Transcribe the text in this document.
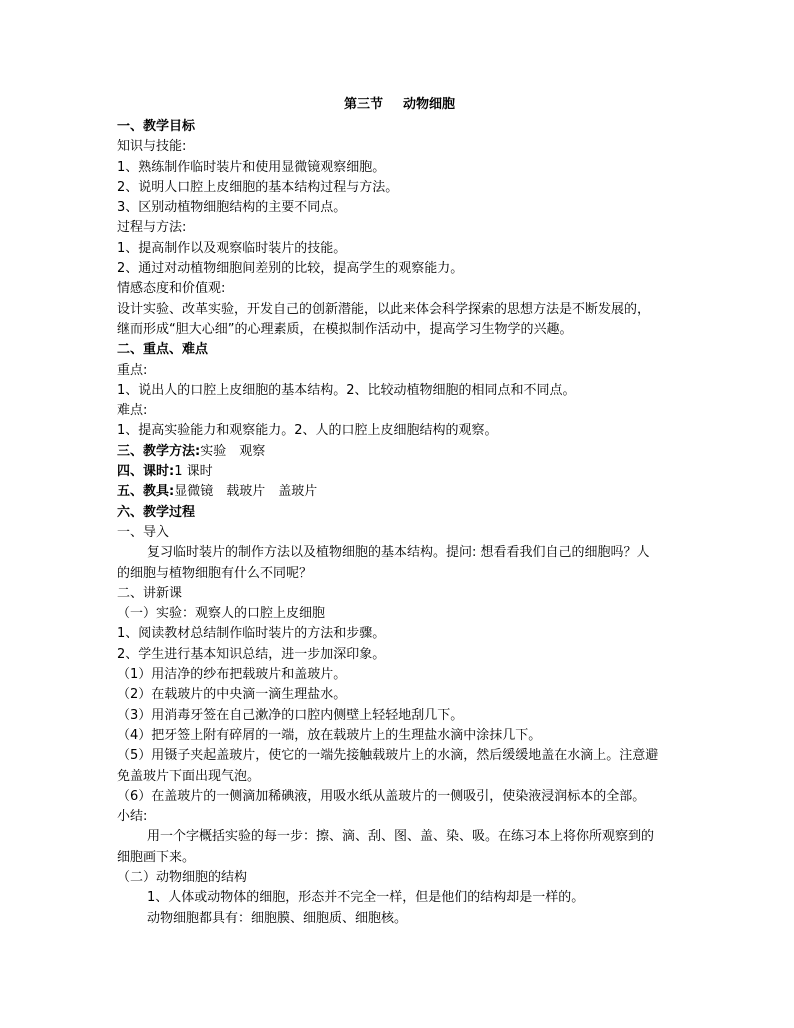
第三节 动物细胞
一、教学目标
知识与技能:
1、熟练制作临时装片和使用显微镜观察细胞。
2、说明人口腔上皮细胞的基本结构过程与方法。
3、区别动植物细胞结构的主要不同点。
过程与方法:
1、提高制作以及观察临时装片的技能。
2、通过对动植物细胞间差别的比较，提高学生的观察能力。
情感态度和价值观:
设计实验、改革实验，开发自己的创新潜能，以此来体会科学探索的思想方法是不断发展的，
继而形成“胆大心细”的心理素质，在模拟制作活动中，提高学习生物学的兴趣。
二、重点、难点
重点:
1、说出人的口腔上皮细胞的基本结构。2、比较动植物细胞的相同点和不同点。
难点:
1、提高实验能力和观察能力。2、人的口腔上皮细胞结构的观察。
三、教学方法:实验　观察
四、课时:1 课时
五、教具:显微镜　载玻片　盖玻片
六、教学过程
一、导入
复习临时装片的制作方法以及植物细胞的基本结构。提问: 想看看我们自己的细胞吗？人
的细胞与植物细胞有什么不同呢？
二、讲新课
（一）实验：观察人的口腔上皮细胞
1、阅读教材总结制作临时装片的方法和步骤。
2、学生进行基本知识总结，进一步加深印象。
（1）用洁净的纱布把载玻片和盖玻片。
（2）在载玻片的中央滴一滴生理盐水。
（3）用消毒牙签在自己漱净的口腔内侧壁上轻轻地刮几下。
（4）把牙签上附有碎屑的一端，放在载玻片上的生理盐水滴中涂抹几下。
（5）用镊子夹起盖玻片，使它的一端先接触载玻片上的水滴，然后缓缓地盖在水滴上。注意避
免盖玻片下面出现气泡。
（6）在盖玻片的一侧滴加稀碘液，用吸水纸从盖玻片的一侧吸引，使染液浸润标本的全部。
小结:
用一个字概括实验的每一步：擦、滴、刮、图、盖、染、吸。在练习本上将你所观察到的
细胞画下来。
（二）动物细胞的结构
1、人体或动物体的细胞，形态并不完全一样，但是他们的结构却是一样的。
动物细胞都具有：细胞膜、细胞质、细胞核。
